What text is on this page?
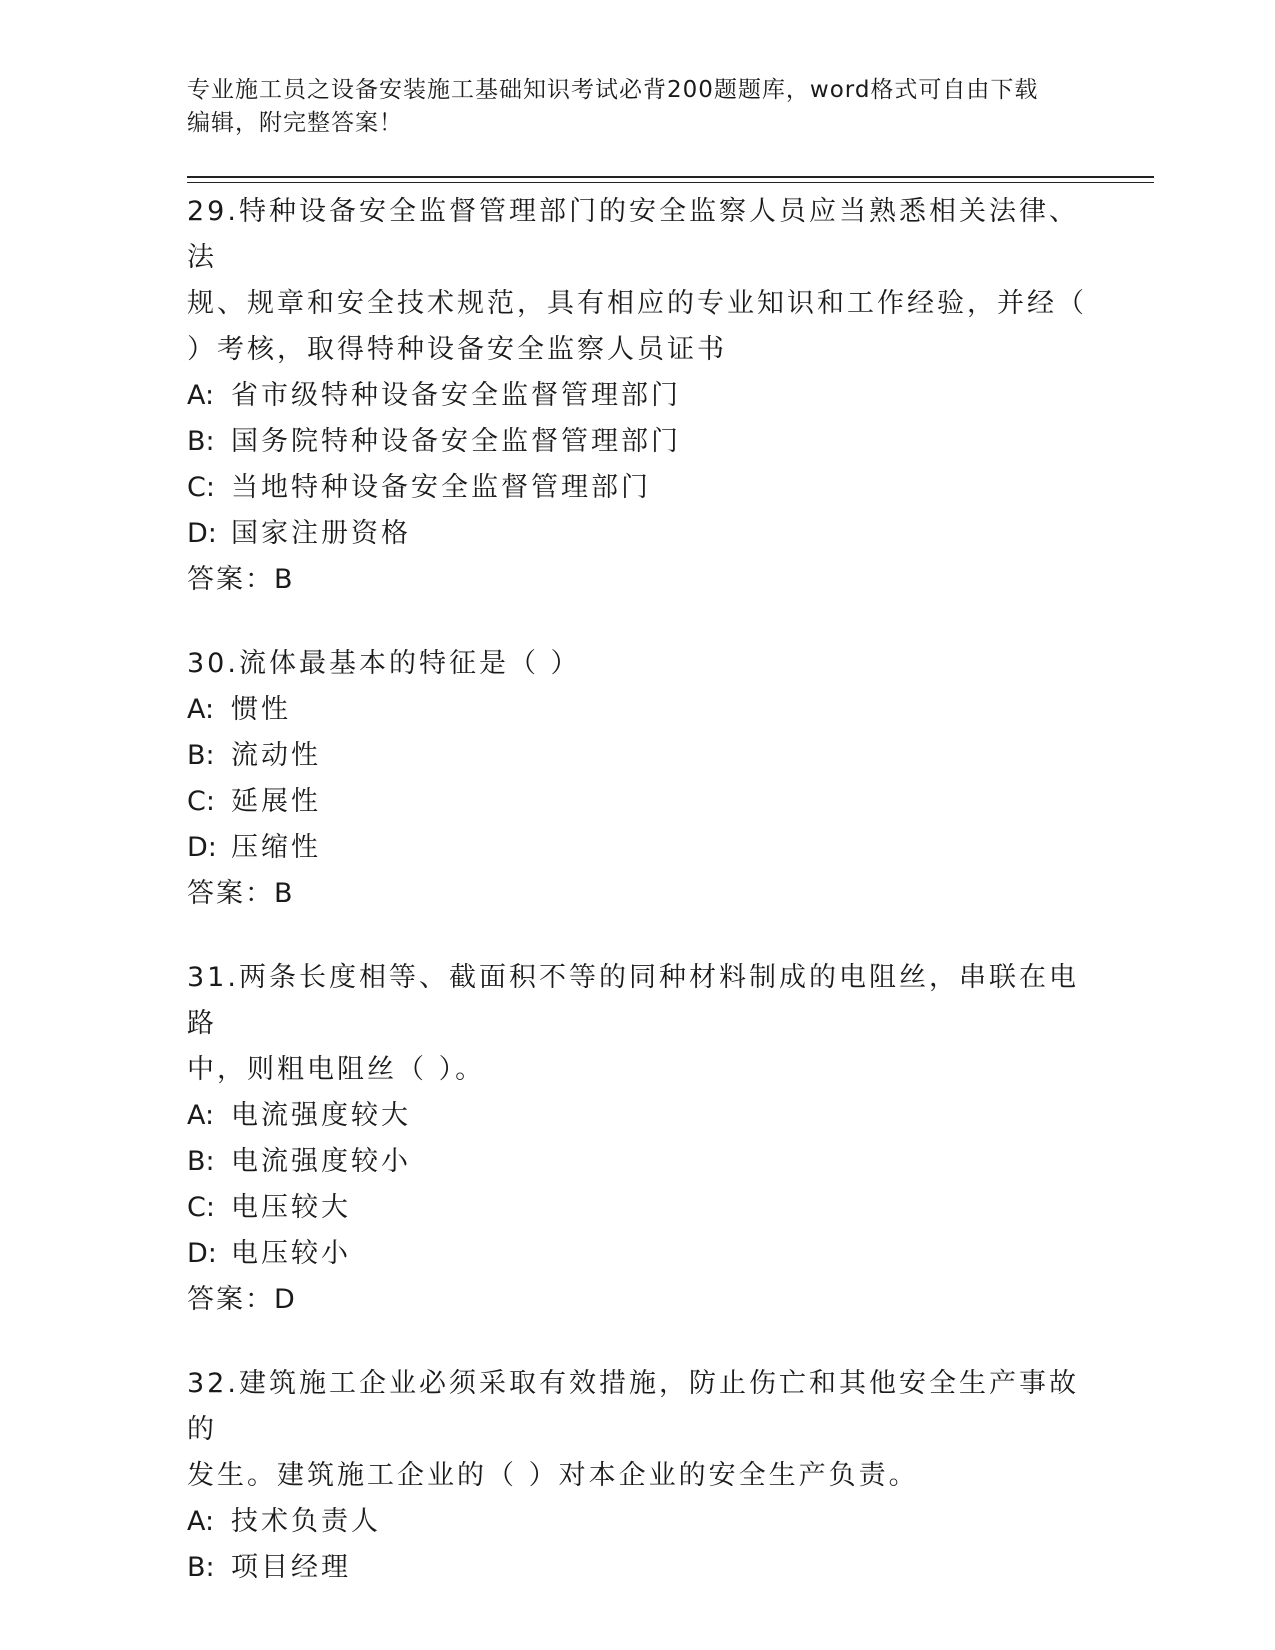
专业施工员之设备安装施工基础知识考试必背200题题库，word格式可自由下载
编辑，附完整答案！
29.特种设备安全监督管理部门的安全监察人员应当熟悉相关法律、法
规、规章和安全技术规范，具有相应的专业知识和工作经验，并经（
）考核，取得特种设备安全监察人员证书
A: 省市级特种设备安全监督管理部门
B: 国务院特种设备安全监督管理部门
C: 当地特种设备安全监督管理部门
D: 国家注册资格
答案：B
30.流体最基本的特征是（ ）
A: 惯性
B: 流动性
C: 延展性
D: 压缩性
答案：B
31.两条长度相等、截面积不等的同种材料制成的电阻丝，串联在电路
中，则粗电阻丝（ ）。
A: 电流强度较大
B: 电流强度较小
C: 电压较大
D: 电压较小
答案：D
32.建筑施工企业必须采取有效措施，防止伤亡和其他安全生产事故的
发生。建筑施工企业的（ ）对本企业的安全生产负责。
A: 技术负责人
B: 项目经理
